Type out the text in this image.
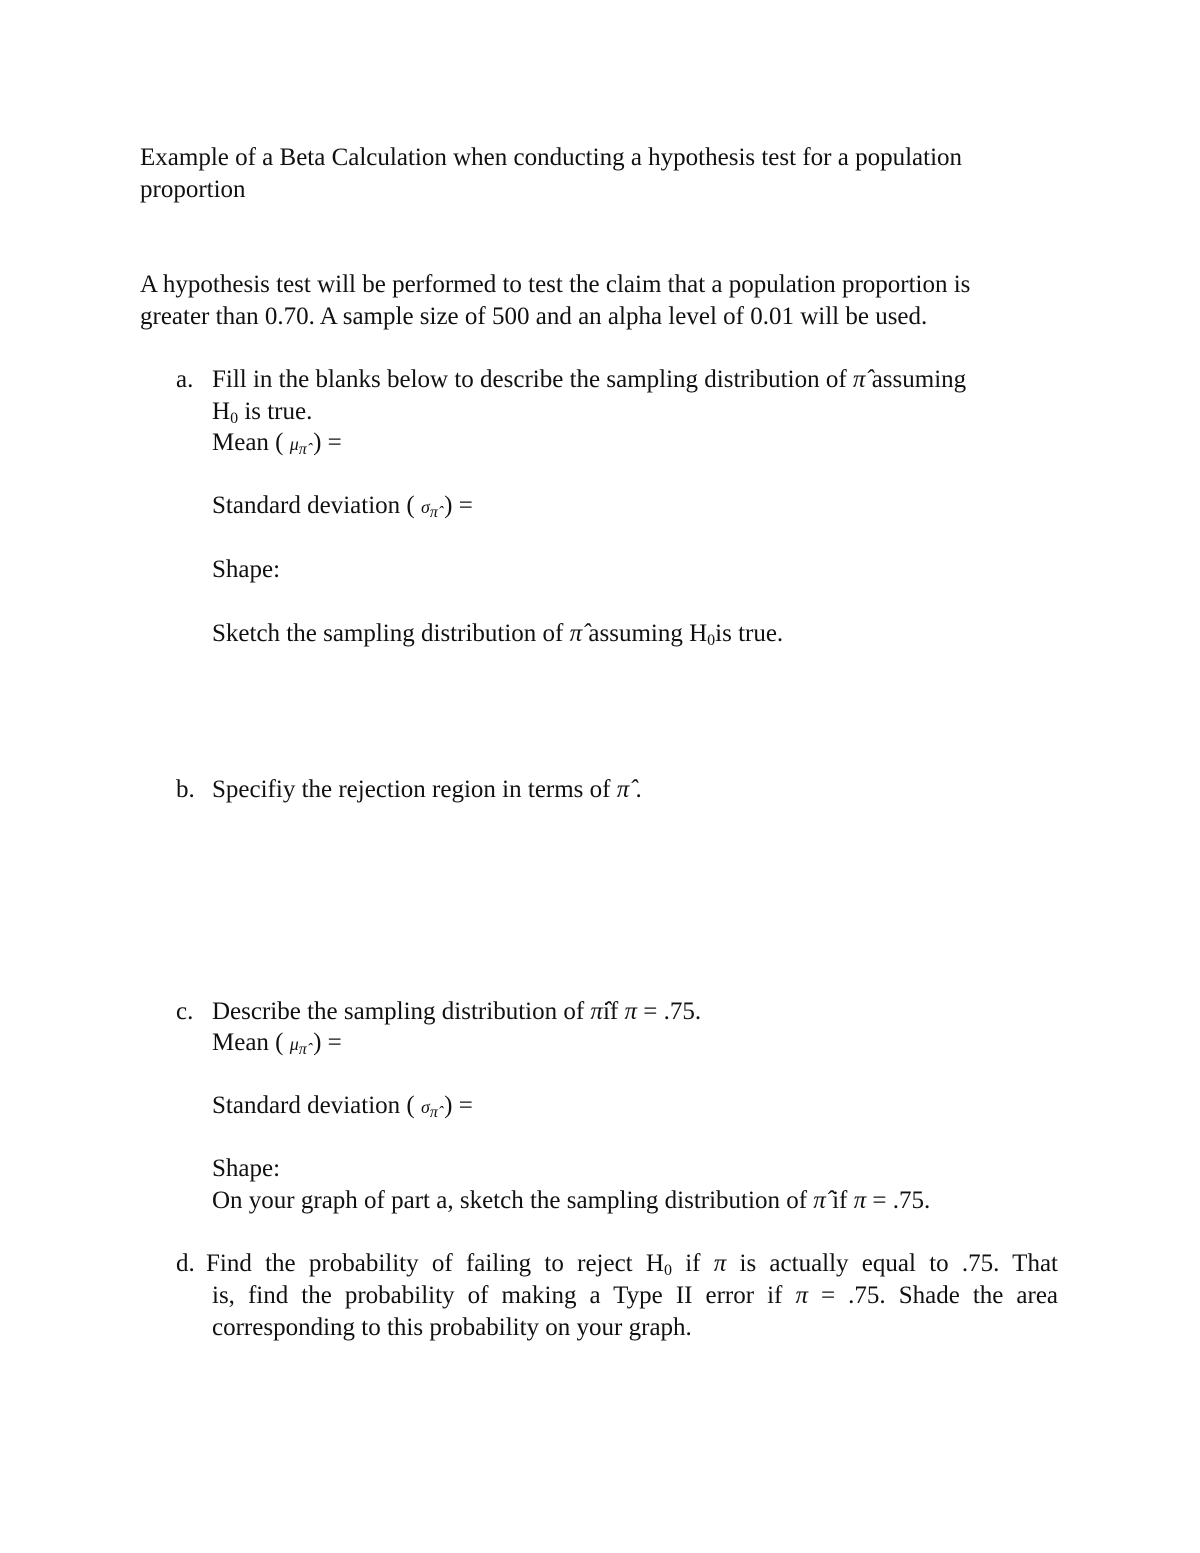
Example of a Beta Calculation when conducting a hypothesis test for a population
proportion
A hypothesis test will be performed to test the claim that a population proportion is
greater than 0.70. A sample size of 500 and an alpha level of 0.01 will be used.
a. Fill in the blanks below to describe the sampling distribution of π̂ assuming
H0 is true.
Mean ( μπ̂ ) =
Standard deviation ( σπ̂ ) =
Shape:
Sketch the sampling distribution of π̂ assuming H0is true.
b. Specifiy the rejection region in terms of π̂ .
c. Describe the sampling distribution of π̂if π = .75.
Mean ( μπ̂ ) =
Standard deviation ( σπ̂ ) =
Shape:
On your graph of part a, sketch the sampling distribution of π̂ if π = .75.
d. Find the probability of failing to reject H0 if π is actually equal to .75. That
is, find the probability of making a Type II error if π = .75. Shade the area
corresponding to this probability on your graph.
